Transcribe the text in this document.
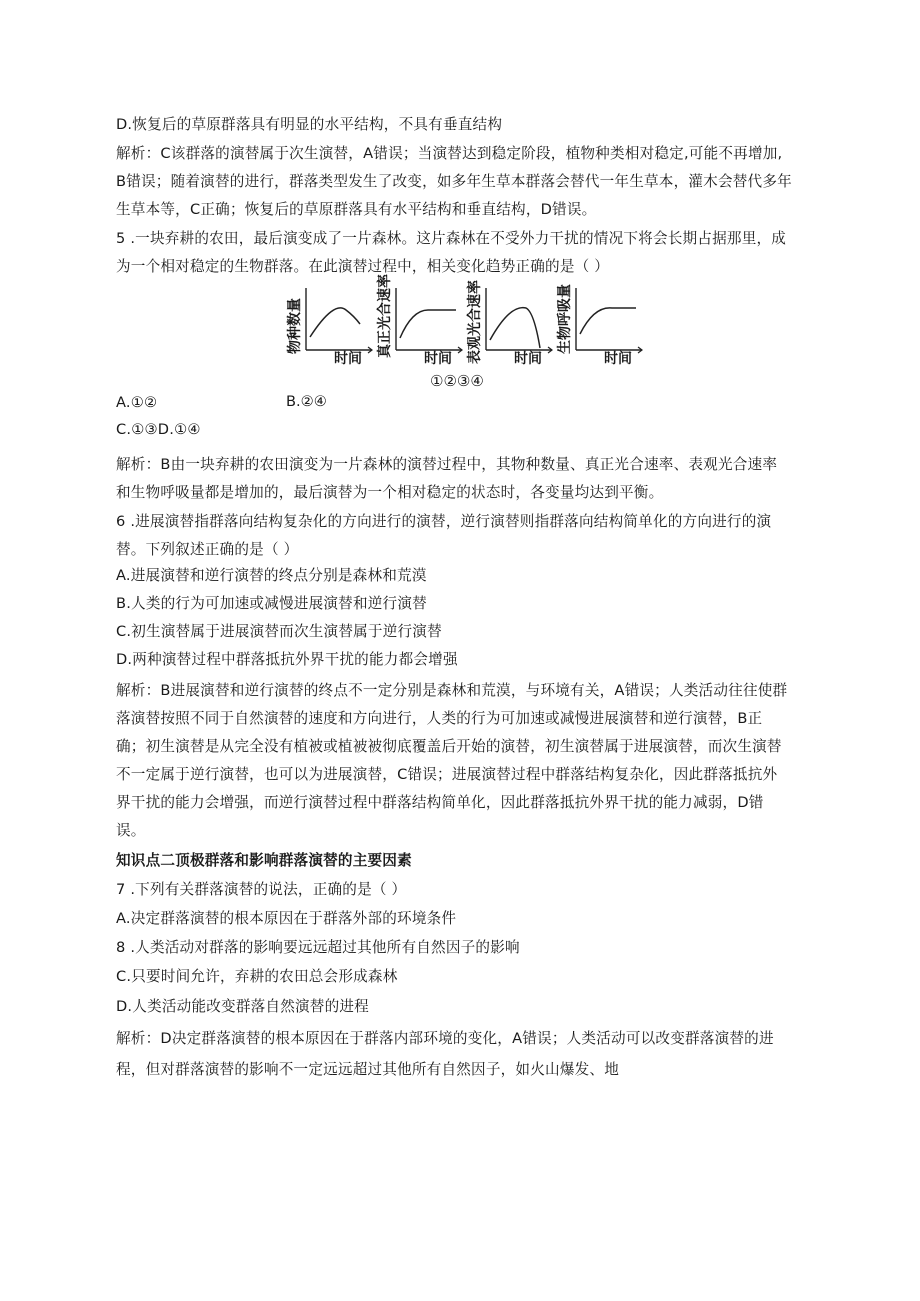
D.恢复后的草原群落具有明显的水平结构，不具有垂直结构
解析：C该群落的演替属于次生演替，A错误；当演替达到稳定阶段，植物种类相对稳定,可能不再增加,
B错误；随着演替的进行，群落类型发生了改变，如多年生草本群落会替代一年生草本，灌木会替代多年
生草本等，C正确；恢复后的草原群落具有水平结构和垂直结构，D错误。
5 .一块弃耕的农田，最后演变成了一片森林。这片森林在不受外力干扰的情况下将会长期占据那里，成
为一个相对稳定的生物群落。在此演替过程中，相关变化趋势正确的是（ ）
物种数量
时间
真正光合速率
时间 表观光合速率 时间
生物呼吸量
时间
①②③④
A.①②	B.②④
C.①③D.①④
解析：B由一块弃耕的农田演变为一片森林的演替过程中，其物种数量、真正光合速率、表观光合速率
和生物呼吸量都是增加的，最后演替为一个相对稳定的状态时，各变量均达到平衡。
6 .进展演替指群落向结构复杂化的方向进行的演替，逆行演替则指群落向结构简单化的方向进行的演
替。下列叙述正确的是（ ）
A.进展演替和逆行演替的终点分别是森林和荒漠
B.人类的行为可加速或减慢进展演替和逆行演替
C.初生演替属于进展演替而次生演替属于逆行演替
D.两种演替过程中群落抵抗外界干扰的能力都会增强
解析：B进展演替和逆行演替的终点不一定分别是森林和荒漠，与环境有关，A错误；人类活动往往使群
落演替按照不同于自然演替的速度和方向进行，人类的行为可加速或减慢进展演替和逆行演替，B正
确；初生演替是从完全没有植被或植被被彻底覆盖后开始的演替，初生演替属于进展演替，而次生演替
不一定属于逆行演替，也可以为进展演替，C错误；进展演替过程中群落结构复杂化，因此群落抵抗外
界干扰的能力会增强，而逆行演替过程中群落结构简单化，因此群落抵抗外界干扰的能力减弱，D错
误。
知识点二顶极群落和影响群落演替的主要因素
7 .下列有关群落演替的说法，正确的是（ ）
A.决定群落演替的根本原因在于群落外部的环境条件
8 .人类活动对群落的影响要远远超过其他所有自然因子的影响
C.只要时间允许，弃耕的农田总会形成森林
D.人类活动能改变群落自然演替的进程
解析：D决定群落演替的根本原因在于群落内部环境的变化，A错误；人类活动可以改变群落演替的进
程，但对群落演替的影响不一定远远超过其他所有自然因子，如火山爆发、地
